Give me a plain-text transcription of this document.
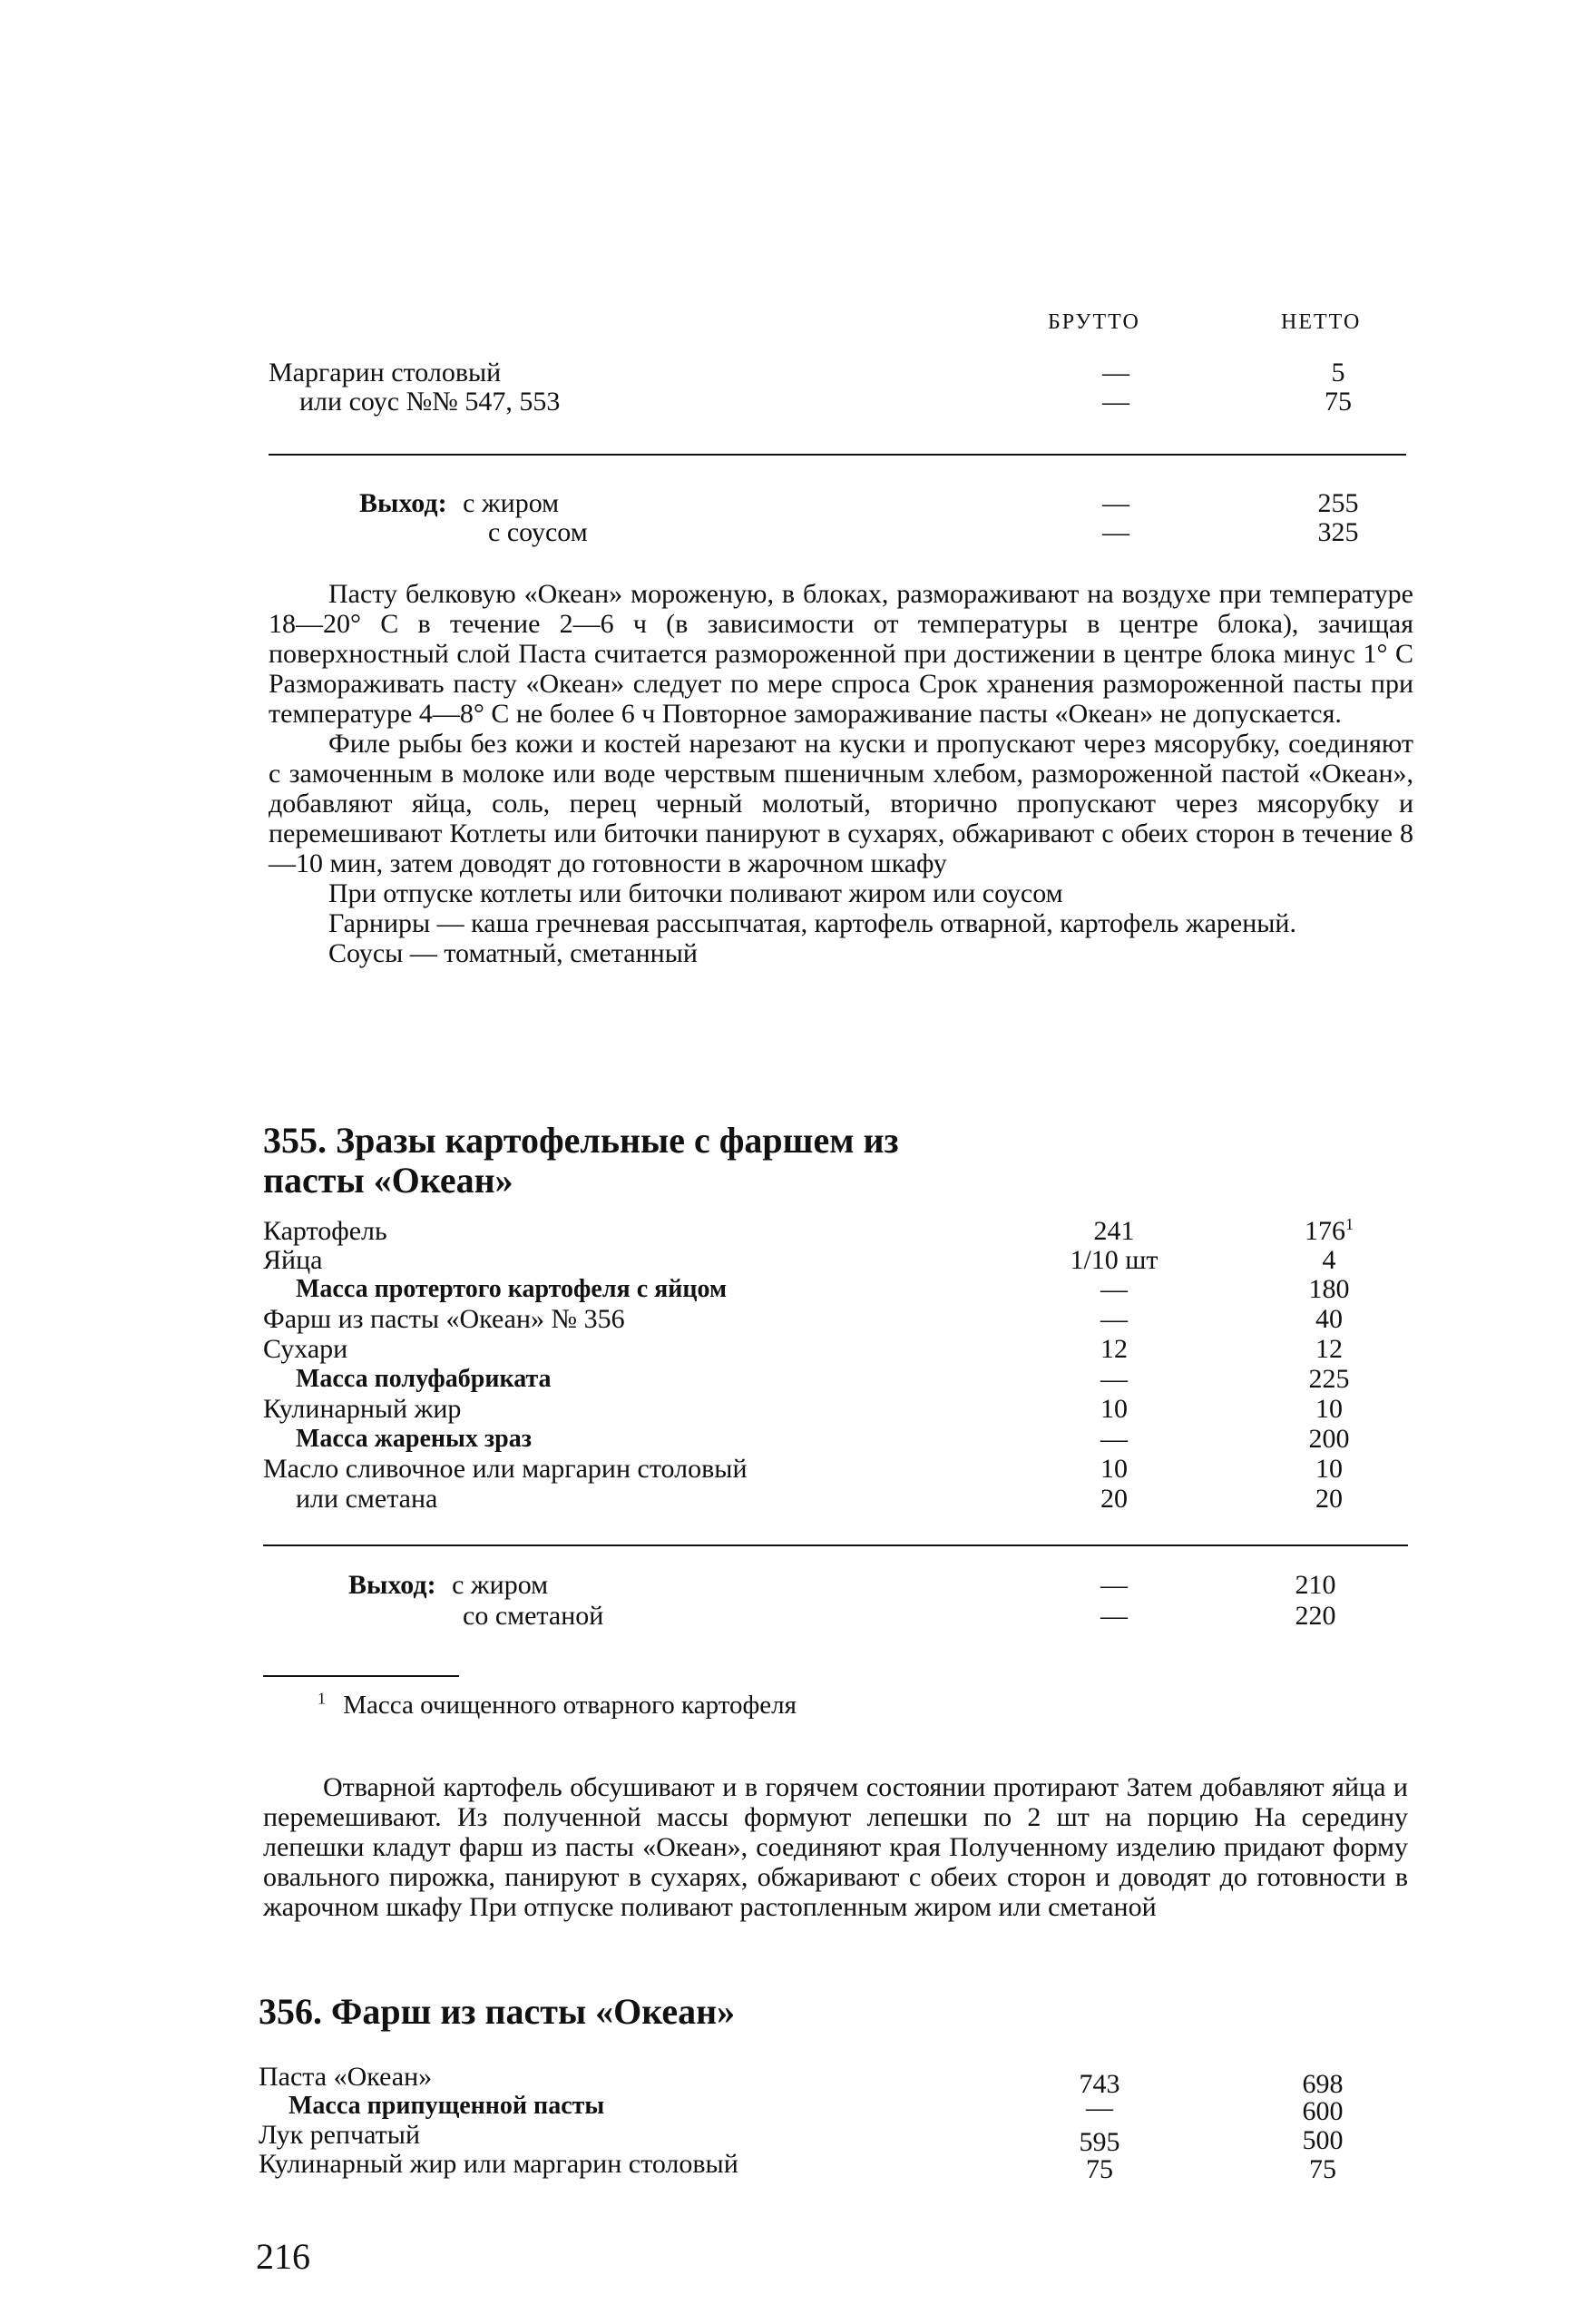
БРУТТО	НЕТТО
Маргарин столовый	—	5
или соус №№ 547, 553	—	75
Выход: с жиром	—	255
с соусом	—	325

Пасту белковую «Океан» мороженую, в блоках, размораживают на воздухе при температуре 18—20° С в течение 2—6 ч (в зависимости от температуры в центре блока), зачищая поверхностный слой Паста считается размороженной при достижении в центре блока минус 1° С Размораживать пасту «Океан» следует по мере спроса Срок хранения размороженной пасты при температуре 4—8° С не более 6 ч Повторное замораживание пасты «Океан» не допускается.

Филе рыбы без кожи и костей нарезают на куски и пропускают через мясорубку, соединяют с замоченным в молоке или воде черствым пшеничным хлебом, размороженной пастой «Океан», добавляют яйца, соль, перец черный молотый, вторично пропускают через мясорубку и перемешивают Котлеты или биточки панируют в сухарях, обжаривают с обеих сторон в течение 8—10 мин, затем доводят до готовности в жарочном шкафу

При отпуске котлеты или биточки поливают жиром или соусом

Гарниры — каша гречневая рассыпчатая, картофель отварной, картофель жареный.

Соусы — томатный, сметанный

355. Зразы картофельные с фаршем из
пасты «Океан»
Картофель	241	$176^1$
Яйца	1/10 шт	4
Масса протертого картофеля с яйцом	—	180
Фарш из пасты «Океан» № 356	—	40
Сухари	12	12
Масса полуфабриката	—	225
Кулинарный жир	10	10
Масса жареных зраз	—	200
Масло сливочное или маргарин столовый	10	10
или сметана	20	20
Выход: с жиром	—	210
со сметаной	—	220
$^1$ Масса очищенного отварного картофеля

Отварной картофель обсушивают и в горячем состоянии протирают Затем добавляют яйца и перемешивают. Из полученной массы формуют лепешки по 2 шт на порцию На середину лепешки кладут фарш из пасты «Океан», соединяют края Полученному изделию придают форму овального пирожка, панируют в сухарях, обжаривают с обеих сторон и доводят до готовности в жарочном шкафу При отпуске поливают растопленным жиром или сметаной

356. Фарш из пасты «Океан»
Паста «Океан»	743	698
Масса припущенной пасты	—	600
Лук репчатый	595	500
Кулинарный жир или маргарин столовый	75	75
216
